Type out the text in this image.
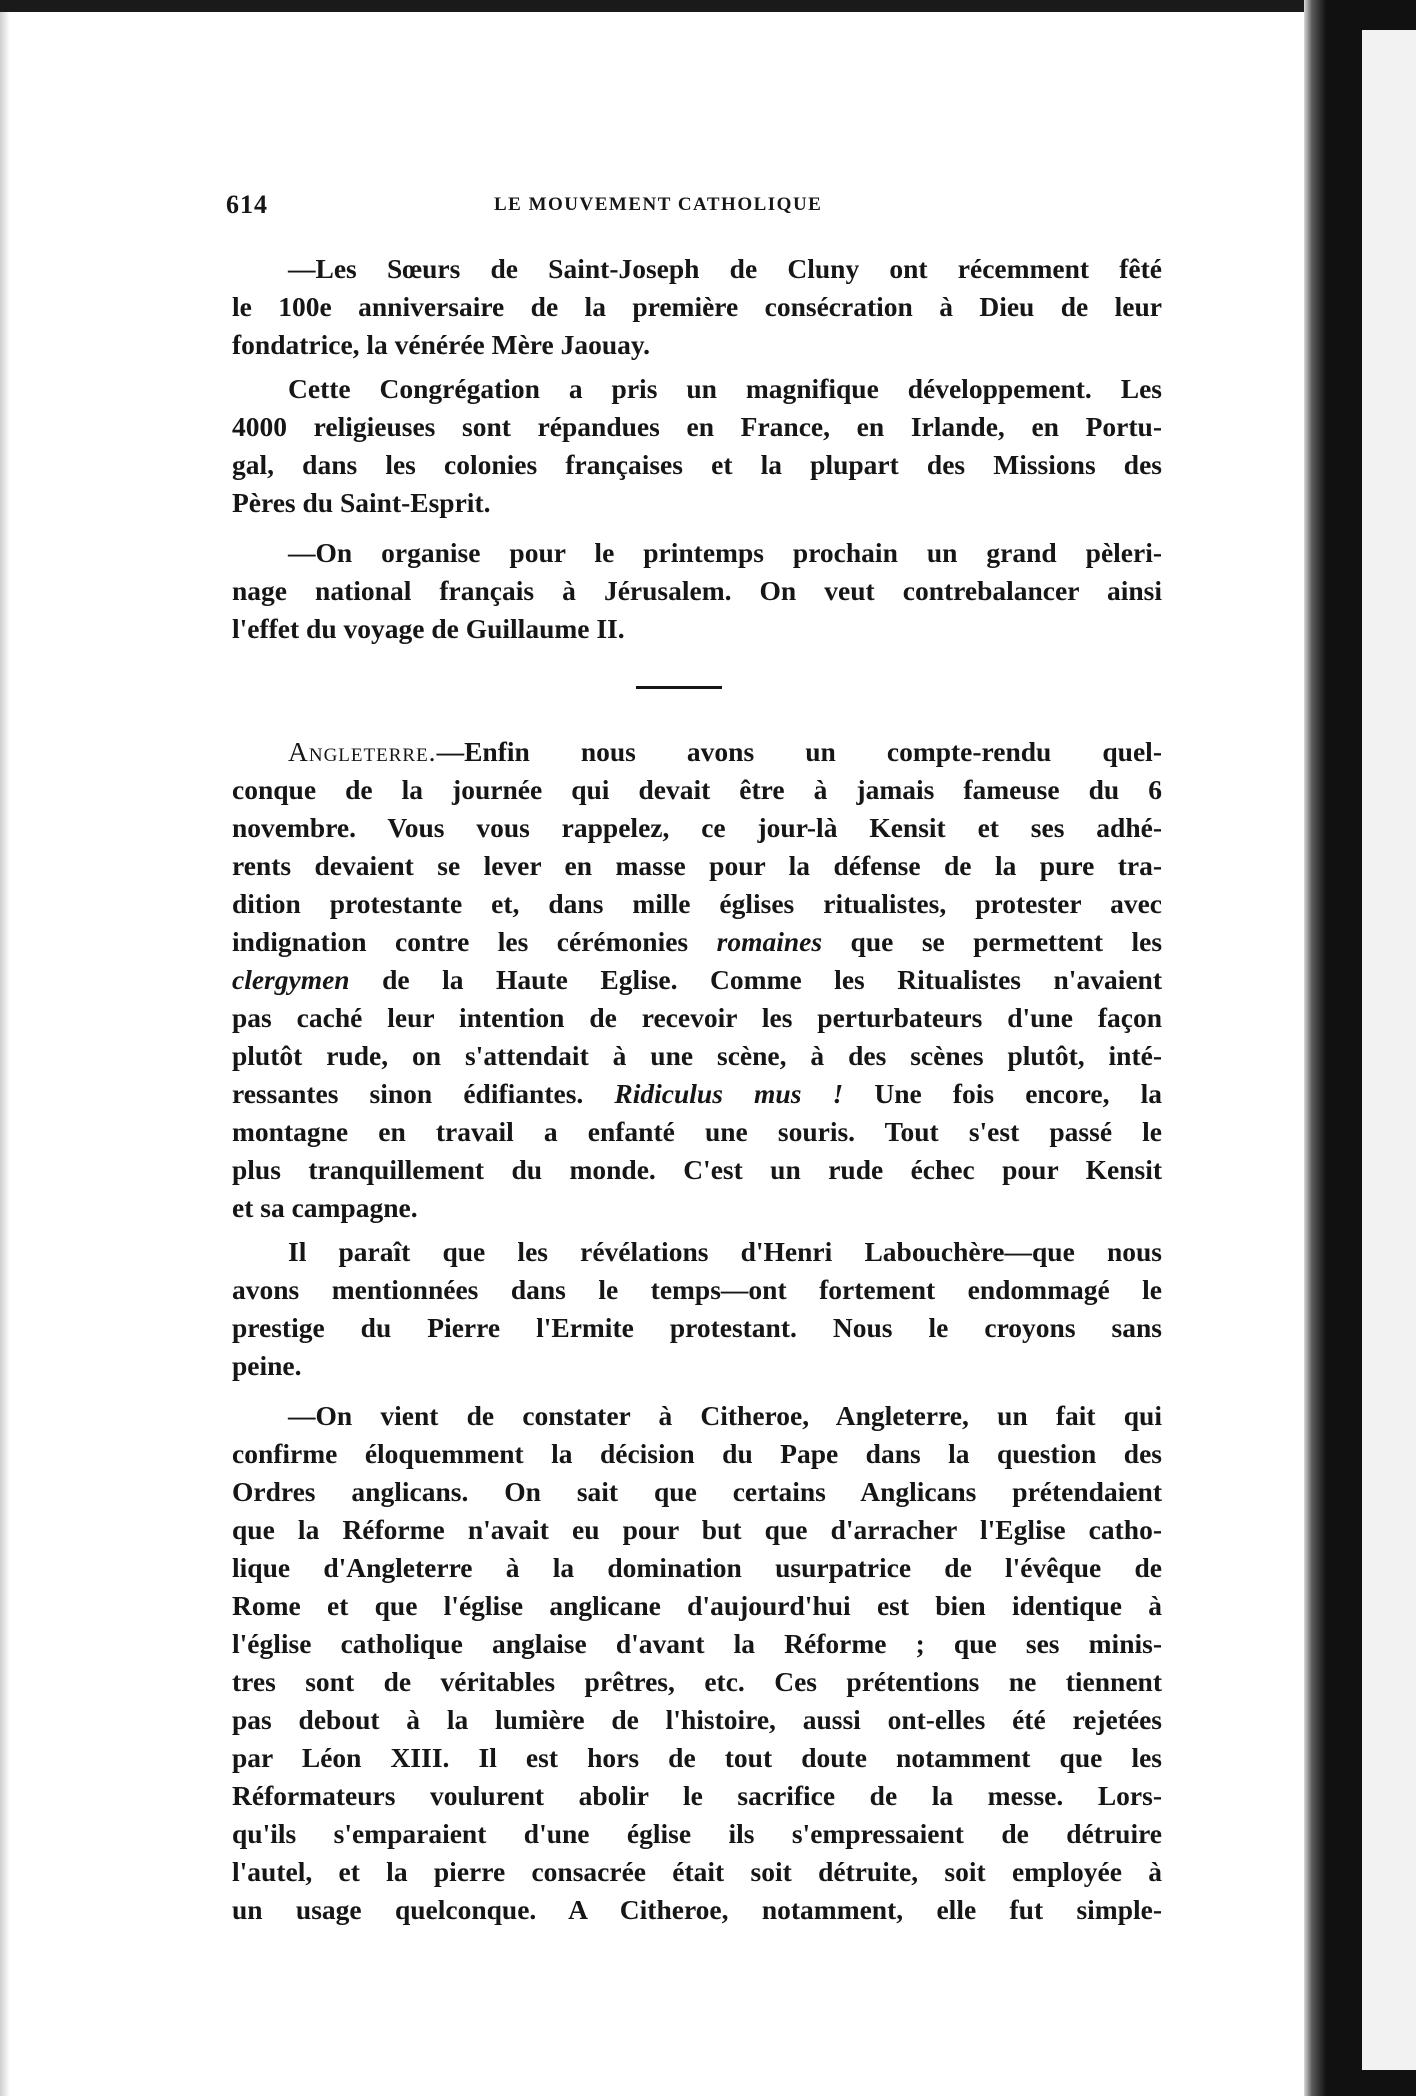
614	LE MOUVEMENT CATHOLIQUE
—Les Sœurs de Saint-Joseph de Cluny ont récemment fêté
le 100e anniversaire de la première consécration à Dieu de leur
fondatrice, la vénérée Mère Jaouay.
Cette Congrégation a pris un magnifique développement. Les
4000 religieuses sont répandues en France, en Irlande, en Portu-
gal, dans les colonies françaises et la plupart des Missions des
Pères du Saint-Esprit.
—On organise pour le printemps prochain un grand pèleri-
nage national français à Jérusalem. On veut contrebalancer ainsi
l'effet du voyage de Guillaume II.
Angleterre.—Enfin nous avons un compte-rendu quel-
conque de la journée qui devait être à jamais fameuse du 6
novembre. Vous vous rappelez, ce jour-là Kensit et ses adhé-
rents devaient se lever en masse pour la défense de la pure tra-
dition protestante et, dans mille églises ritualistes, protester avec
indignation contre les cérémonies romaines que se permettent les
clergymen de la Haute Eglise. Comme les Ritualistes n'avaient
pas caché leur intention de recevoir les perturbateurs d'une façon
plutôt rude, on s'attendait à une scène, à des scènes plutôt, inté-
ressantes sinon édifiantes. Ridiculus mus ! Une fois encore, la
montagne en travail a enfanté une souris. Tout s'est passé le
plus tranquillement du monde. C'est un rude échec pour Kensit
et sa campagne.
Il paraît que les révélations d'Henri Labouchère—que nous
avons mentionnées dans le temps—ont fortement endommagé le
prestige du Pierre l'Ermite protestant. Nous le croyons sans
peine.
—On vient de constater à Citheroe, Angleterre, un fait qui
confirme éloquemment la décision du Pape dans la question des
Ordres anglicans. On sait que certains Anglicans prétendaient
que la Réforme n'avait eu pour but que d'arracher l'Eglise catho-
lique d'Angleterre à la domination usurpatrice de l'évêque de
Rome et que l'église anglicane d'aujourd'hui est bien identique à
l'église catholique anglaise d'avant la Réforme ; que ses minis-
tres sont de véritables prêtres, etc. Ces prétentions ne tiennent
pas debout à la lumière de l'histoire, aussi ont-elles été rejetées
par Léon XIII. Il est hors de tout doute notamment que les
Réformateurs voulurent abolir le sacrifice de la messe. Lors-
qu'ils s'emparaient d'une église ils s'empressaient de détruire
l'autel, et la pierre consacrée était soit détruite, soit employée à
un usage quelconque. A Citheroe, notamment, elle fut simple-
